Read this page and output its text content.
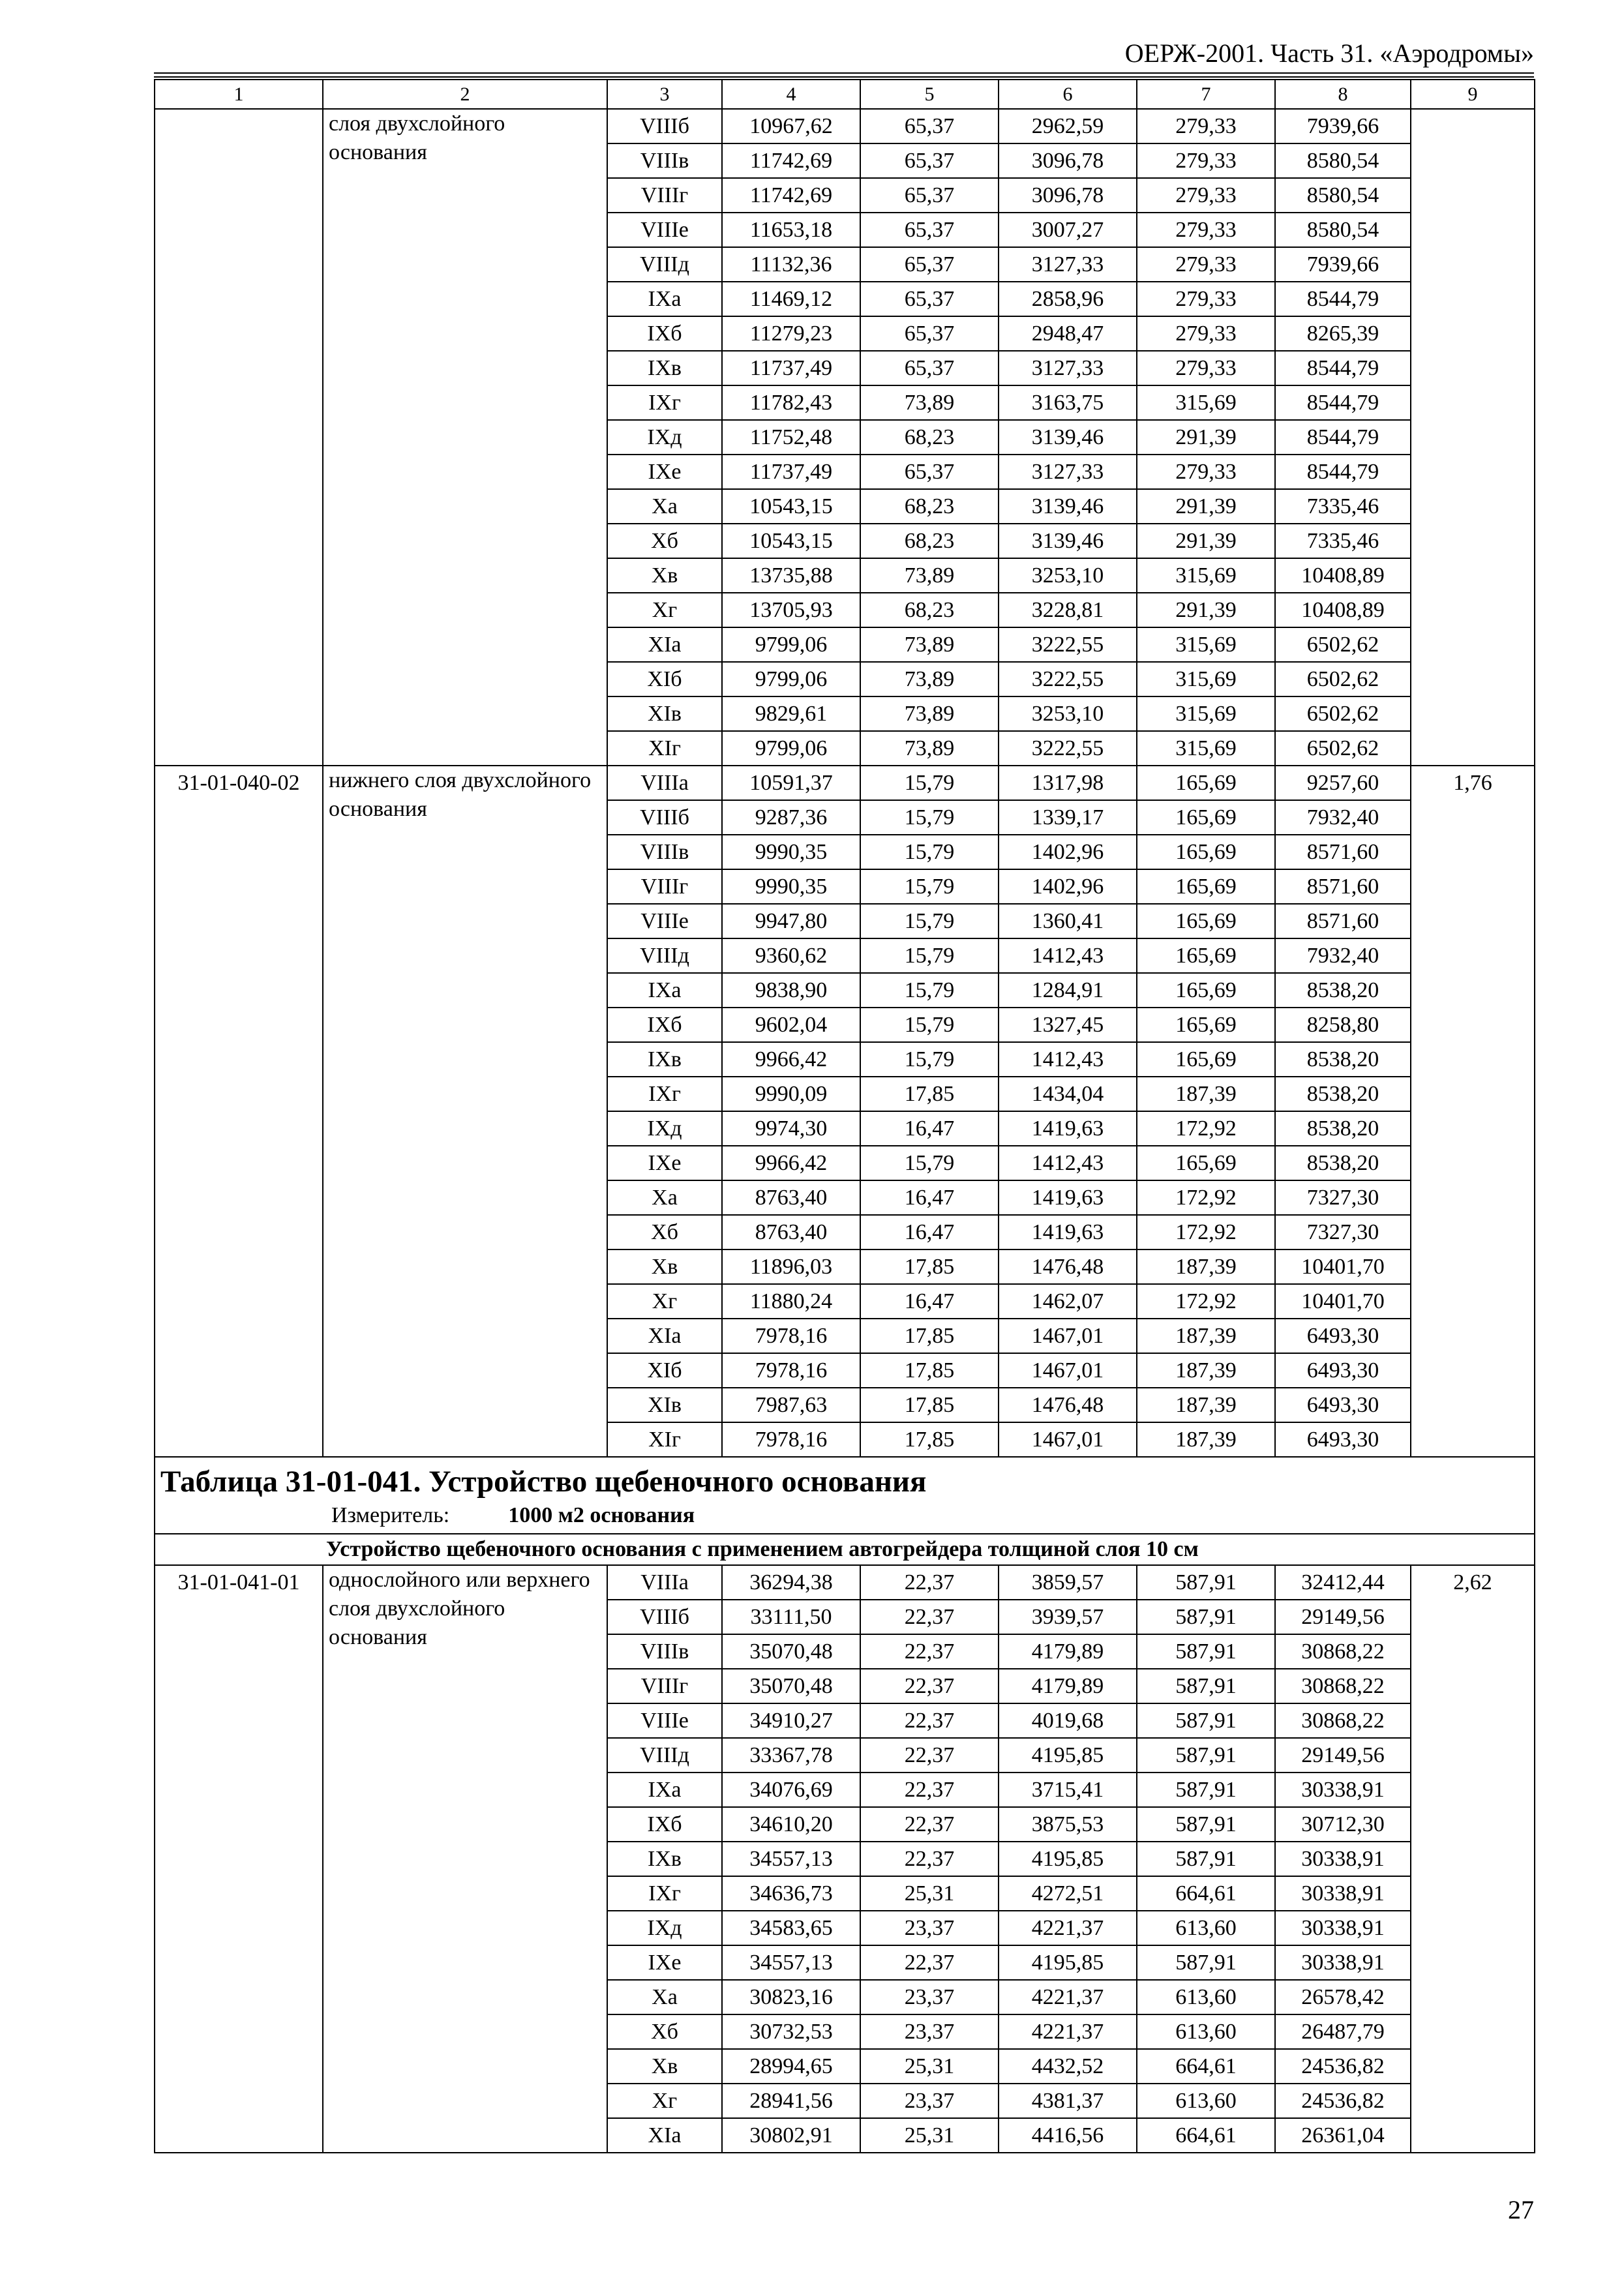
ОЕРЖ-2001. Часть 31. «Аэродромы»
1	2	3	4	5	6	7	8	9
	слоя двухслойного основания	VIIIб	10967,62	65,37	2962,59	279,33	7939,66	
		VIIIв	11742,69	65,37	3096,78	279,33	8580,54	
		VIIIг	11742,69	65,37	3096,78	279,33	8580,54	
		VIIIе	11653,18	65,37	3007,27	279,33	8580,54	
		VIIIд	11132,36	65,37	3127,33	279,33	7939,66	
		IXа	11469,12	65,37	2858,96	279,33	8544,79	
		IXб	11279,23	65,37	2948,47	279,33	8265,39	
		IXв	11737,49	65,37	3127,33	279,33	8544,79	
		IXг	11782,43	73,89	3163,75	315,69	8544,79	
		IXд	11752,48	68,23	3139,46	291,39	8544,79	
		IXе	11737,49	65,37	3127,33	279,33	8544,79	
		Xа	10543,15	68,23	3139,46	291,39	7335,46	
		Xб	10543,15	68,23	3139,46	291,39	7335,46	
		Xв	13735,88	73,89	3253,10	315,69	10408,89	
		Xг	13705,93	68,23	3228,81	291,39	10408,89	
		XIа	9799,06	73,89	3222,55	315,69	6502,62	
		XIб	9799,06	73,89	3222,55	315,69	6502,62	
		XIв	9829,61	73,89	3253,10	315,69	6502,62	
		XIг	9799,06	73,89	3222,55	315,69	6502,62	
31-01-040-02	нижнего слоя двухслойного основания	VIIIа	10591,37	15,79	1317,98	165,69	9257,60	1,76
		VIIIб	9287,36	15,79	1339,17	165,69	7932,40	
		VIIIв	9990,35	15,79	1402,96	165,69	8571,60	
		VIIIг	9990,35	15,79	1402,96	165,69	8571,60	
		VIIIе	9947,80	15,79	1360,41	165,69	8571,60	
		VIIIд	9360,62	15,79	1412,43	165,69	7932,40	
		IXа	9838,90	15,79	1284,91	165,69	8538,20	
		IXб	9602,04	15,79	1327,45	165,69	8258,80	
		IXв	9966,42	15,79	1412,43	165,69	8538,20	
		IXг	9990,09	17,85	1434,04	187,39	8538,20	
		IXд	9974,30	16,47	1419,63	172,92	8538,20	
		IXе	9966,42	15,79	1412,43	165,69	8538,20	
		Xа	8763,40	16,47	1419,63	172,92	7327,30	
		Xб	8763,40	16,47	1419,63	172,92	7327,30	
		Xв	11896,03	17,85	1476,48	187,39	10401,70	
		Xг	11880,24	16,47	1462,07	172,92	10401,70	
		XIа	7978,16	17,85	1467,01	187,39	6493,30	
		XIб	7978,16	17,85	1467,01	187,39	6493,30	
		XIв	7987,63	17,85	1476,48	187,39	6493,30	
		XIг	7978,16	17,85	1467,01	187,39	6493,30	

Таблица 31-01-041. Устройство щебеночного основания
Измеритель: 1000 м2 основания								

Устройство щебеночного основания с применением автогрейдера толщиной слоя 10 см								
31-01-041-01	однослойного или верхнего слоя двухслойного основания	VIIIа	36294,38	22,37	3859,57	587,91	32412,44	2,62
		VIIIб	33111,50	22,37	3939,57	587,91	29149,56	
		VIIIв	35070,48	22,37	4179,89	587,91	30868,22	
		VIIIг	35070,48	22,37	4179,89	587,91	30868,22	
		VIIIе	34910,27	22,37	4019,68	587,91	30868,22	
		VIIIд	33367,78	22,37	4195,85	587,91	29149,56	
		IXа	34076,69	22,37	3715,41	587,91	30338,91	
		IXб	34610,20	22,37	3875,53	587,91	30712,30	
		IXв	34557,13	22,37	4195,85	587,91	30338,91	
		IXг	34636,73	25,31	4272,51	664,61	30338,91	
		IXд	34583,65	23,37	4221,37	613,60	30338,91	
		IXе	34557,13	22,37	4195,85	587,91	30338,91	
		Xа	30823,16	23,37	4221,37	613,60	26578,42	
		Xб	30732,53	23,37	4221,37	613,60	26487,79	
		Xв	28994,65	25,31	4432,52	664,61	24536,82	
		Xг	28941,56	23,37	4381,37	613,60	24536,82	
		XIа	30802,91	25,31	4416,56	664,61	26361,04	
27
